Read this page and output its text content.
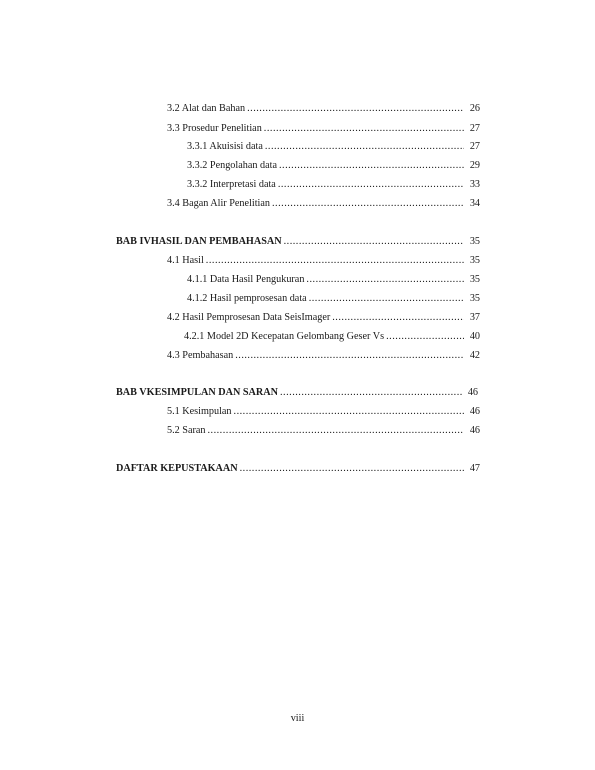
3.2 Alat dan Bahan .....	26
3.3 Prosedur Penelitian .....	27
3.3.1 Akuisisi data .....	27
3.3.2 Pengolahan data .....	29
3.3.2 Interpretasi data .....	33
3.4 Bagan Alir Penelitian .....	34
BAB IV HASIL DAN PEMBAHASAN .....	35
4.1 Hasil .....	35
4.1.1 Data Hasil Pengukuran .....	35
4.1.2 Hasil pemprosesan data .....	35
4.2 Hasil Pemprosesan Data SeisImager .....	37
4.2.1 Model 2D Kecepatan Gelombang Geser Vs .....	40
4.3 Pembahasan .....	42
BAB V KESIMPULAN DAN SARAN .....	46
5.1 Kesimpulan .....	46
5.2 Saran .....	46
DAFTAR KEPUSTAKAAN .....	47
viii
